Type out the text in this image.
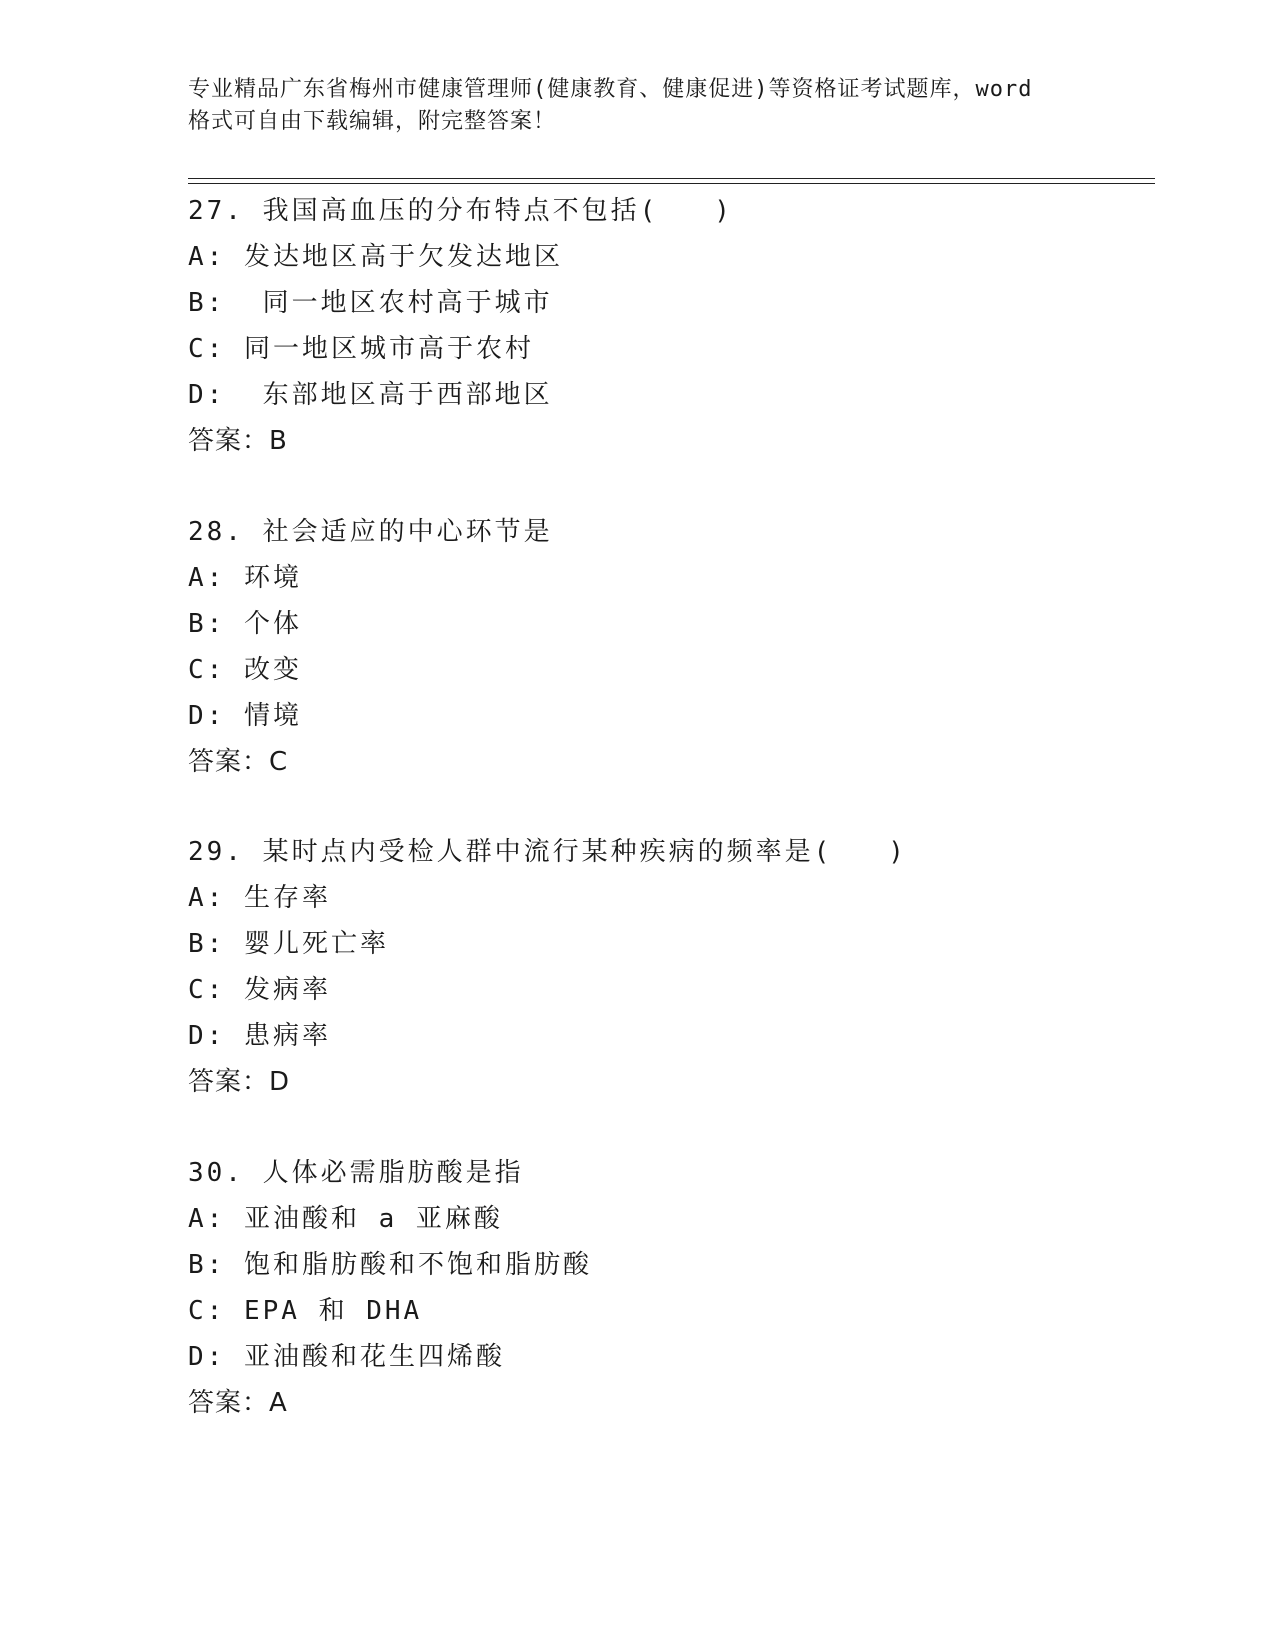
专业精品广东省梅州市健康管理师(健康教育、健康促进)等资格证考试题库，word
格式可自由下载编辑，附完整答案！
27. 我国高血压的分布特点不包括(   )
A: 发达地区高于欠发达地区
B:  同一地区农村高于城市
C: 同一地区城市高于农村
D:  东部地区高于西部地区
答案：B
28. 社会适应的中心环节是
A: 环境
B: 个体
C: 改变
D: 情境
答案：C
29. 某时点内受检人群中流行某种疾病的频率是(   )
A: 生存率
B: 婴儿死亡率
C: 发病率
D: 患病率
答案：D
30. 人体必需脂肪酸是指
A: 亚油酸和 a 亚麻酸
B: 饱和脂肪酸和不饱和脂肪酸
C: EPA 和 DHA
D: 亚油酸和花生四烯酸
答案：A
